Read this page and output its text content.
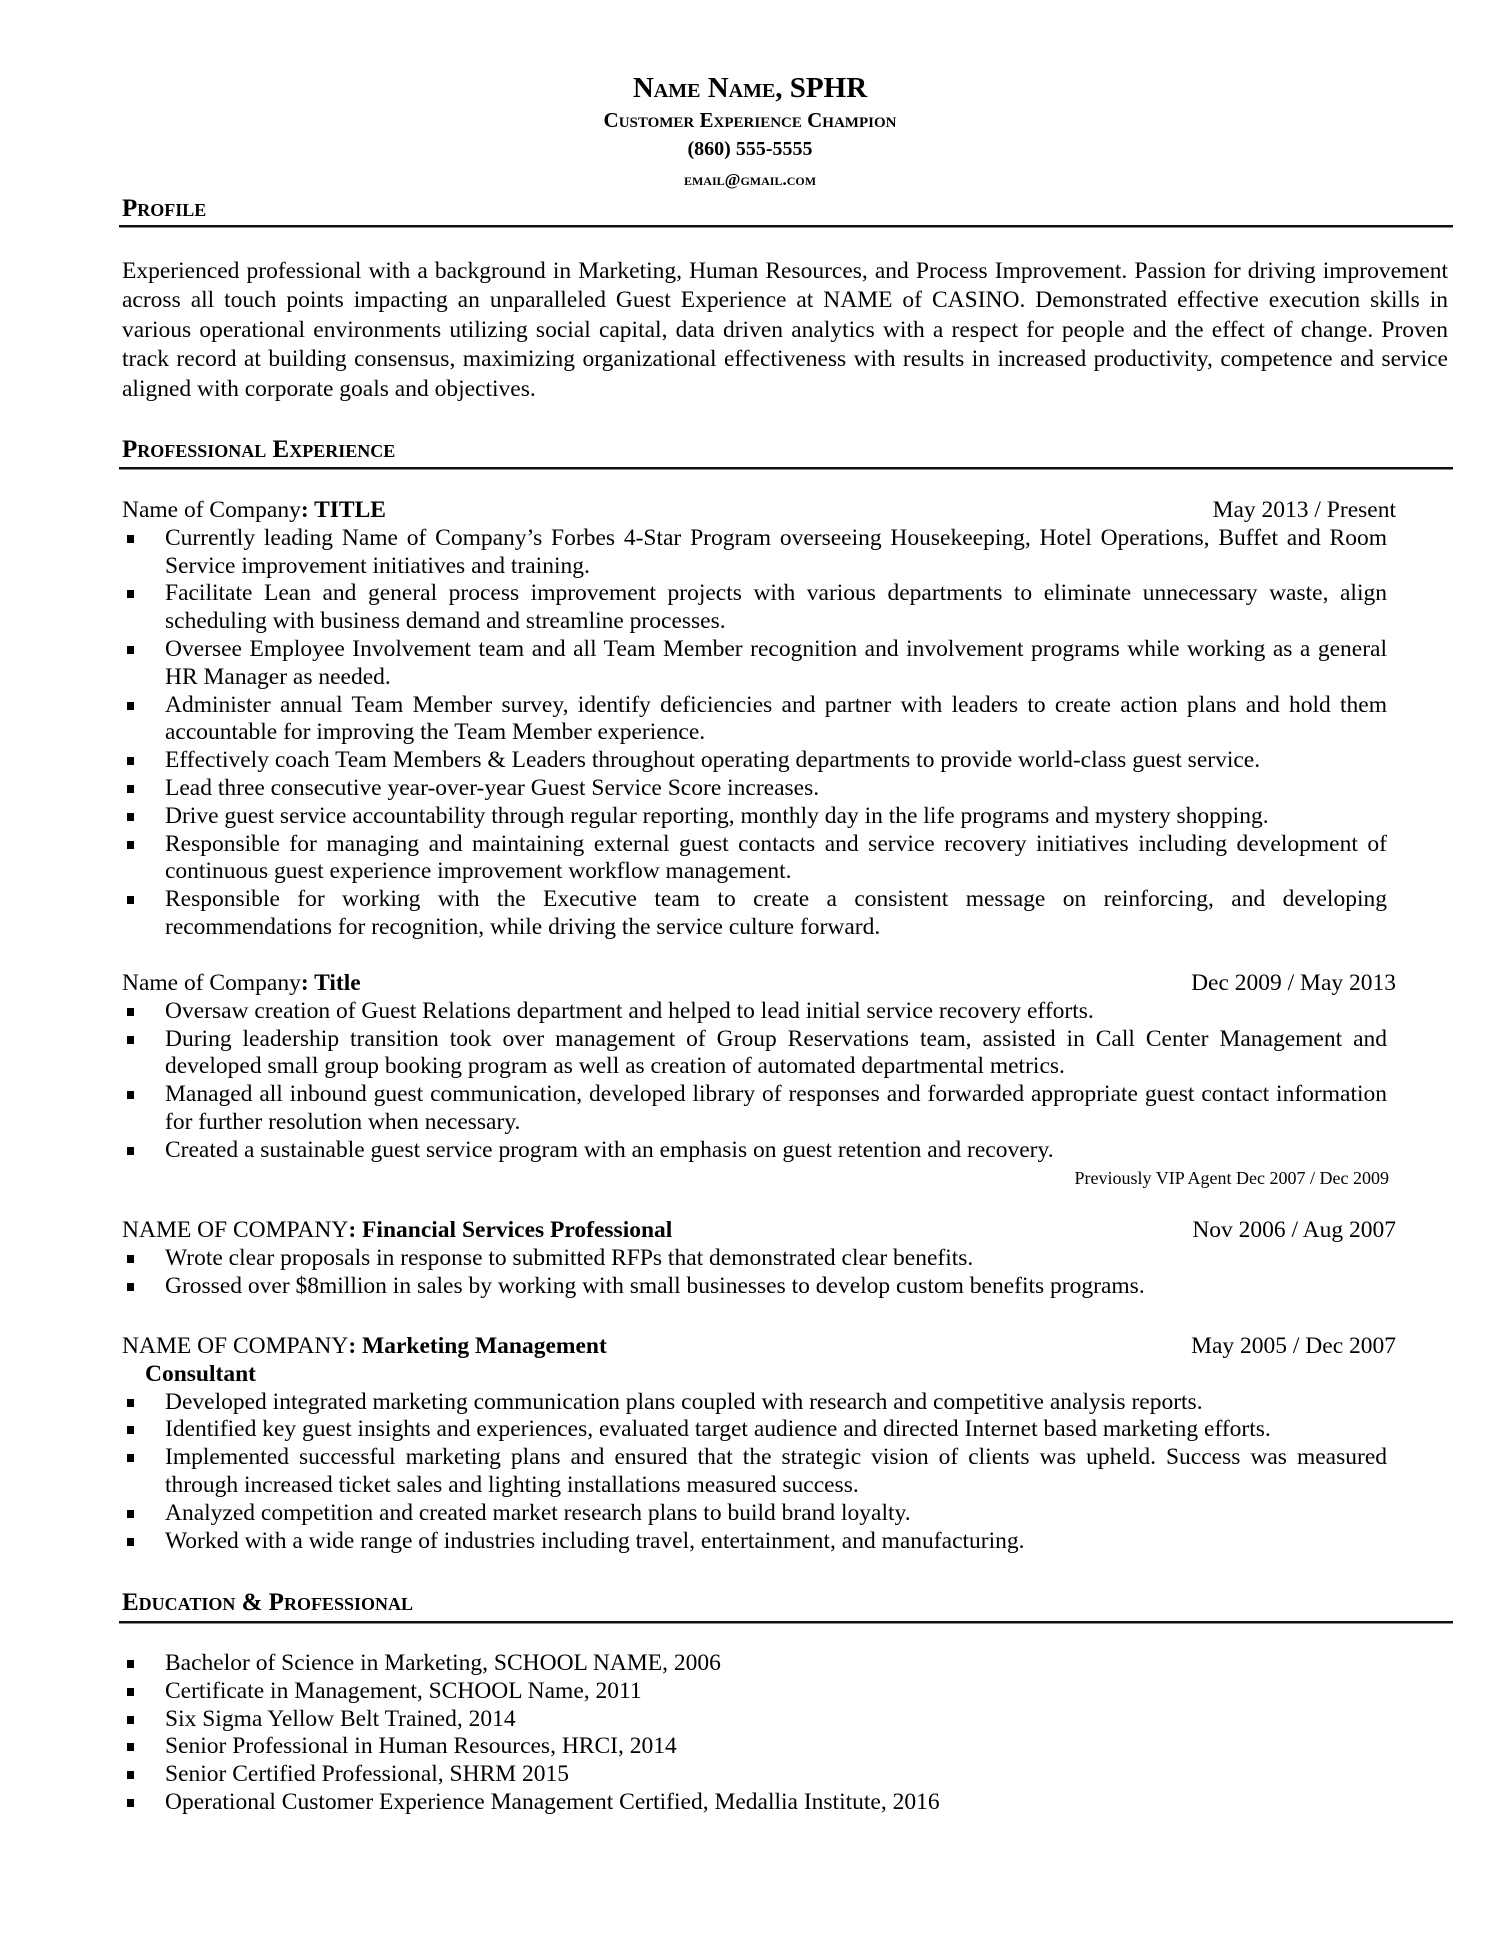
Name Name, SPHR
Customer Experience Champion
(860) 555-5555
email@gmail.com
Profile
Experienced professional with a background in Marketing, Human Resources, and Process Improvement. Passion for driving improvement across all touch points impacting an unparalleled Guest Experience at NAME of CASINO. Demonstrated effective execution skills in various operational environments utilizing social capital, data driven analytics with a respect for people and the effect of change. Proven track record at building consensus, maximizing organizational effectiveness with results in increased productivity, competence and service aligned with corporate goals and objectives.
Professional Experience
Name of Company: TITLE	May 2013 / Present
Currently leading Name of Company’s Forbes 4-Star Program overseeing Housekeeping, Hotel Operations, Buffet and Room Service improvement initiatives and training.
Facilitate Lean and general process improvement projects with various departments to eliminate unnecessary waste, align scheduling with business demand and streamline processes.
Oversee Employee Involvement team and all Team Member recognition and involvement programs while working as a general HR Manager as needed.
Administer annual Team Member survey, identify deficiencies and partner with leaders to create action plans and hold them accountable for improving the Team Member experience.
Effectively coach Team Members & Leaders throughout operating departments to provide world-class guest service.
Lead three consecutive year-over-year Guest Service Score increases.
Drive guest service accountability through regular reporting, monthly day in the life programs and mystery shopping.
Responsible for managing and maintaining external guest contacts and service recovery initiatives including development of continuous guest experience improvement workflow management.
Responsible for working with the Executive team to create a consistent message on reinforcing, and developing recommendations for recognition, while driving the service culture forward.
Name of Company: Title	Dec 2009 / May 2013
Oversaw creation of Guest Relations department and helped to lead initial service recovery efforts.
During leadership transition took over management of Group Reservations team, assisted in Call Center Management and developed small group booking program as well as creation of automated departmental metrics.
Managed all inbound guest communication, developed library of responses and forwarded appropriate guest contact information for further resolution when necessary.
Created a sustainable guest service program with an emphasis on guest retention and recovery.
Previously VIP Agent Dec 2007 / Dec 2009
NAME OF COMPANY: Financial Services Professional	Nov 2006 / Aug 2007
Wrote clear proposals in response to submitted RFPs that demonstrated clear benefits.
Grossed over $8million in sales by working with small businesses to develop custom benefits programs.
NAME OF COMPANY: Marketing Management	May 2005 / Dec 2007
Consultant
Developed integrated marketing communication plans coupled with research and competitive analysis reports.
Identified key guest insights and experiences, evaluated target audience and directed Internet based marketing efforts.
Implemented successful marketing plans and ensured that the strategic vision of clients was upheld. Success was measured through increased ticket sales and lighting installations measured success.
Analyzed competition and created market research plans to build brand loyalty.
Worked with a wide range of industries including travel, entertainment, and manufacturing.
Education & Professional
Bachelor of Science in Marketing, SCHOOL NAME, 2006
Certificate in Management, SCHOOL Name, 2011
Six Sigma Yellow Belt Trained, 2014
Senior Professional in Human Resources, HRCI, 2014
Senior Certified Professional, SHRM 2015
Operational Customer Experience Management Certified, Medallia Institute, 2016
